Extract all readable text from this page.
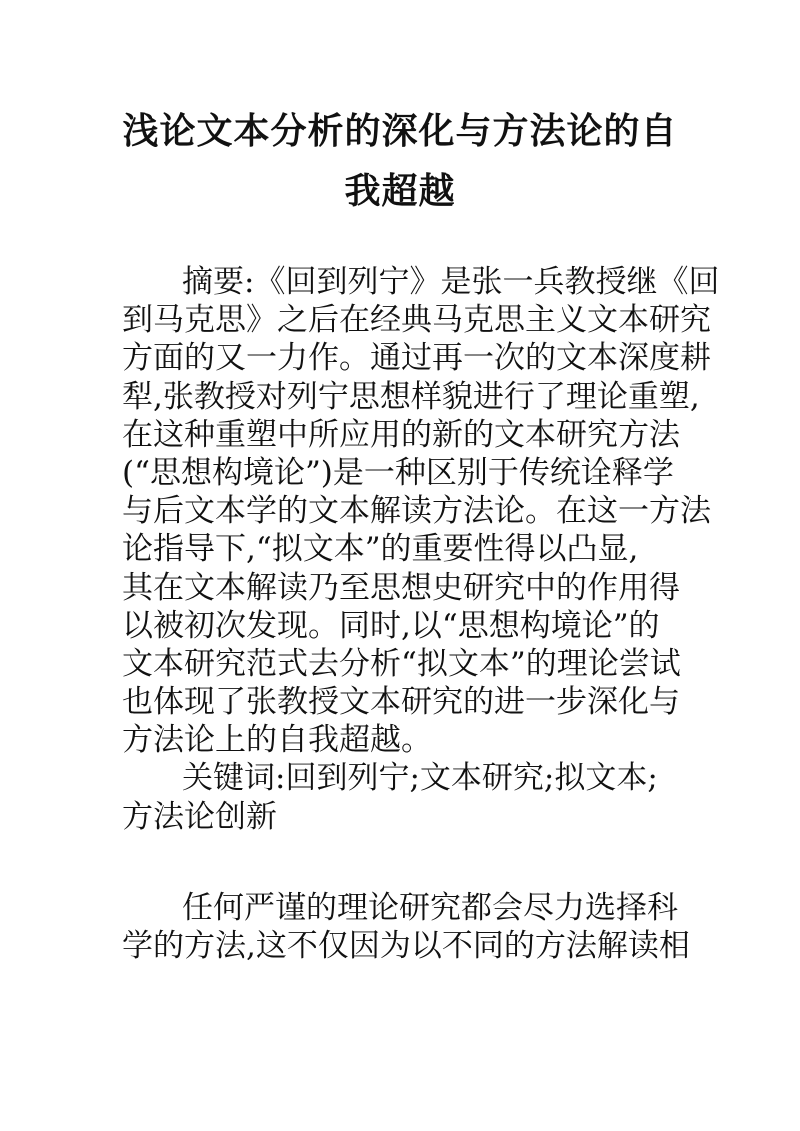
浅论文本分析的深化与方法论的自
我超越
摘要:《回到列宁》是张一兵教授继《回
到马克思》之后在经典马克思主义文本研究
方面的又一力作。通过再一次的文本深度耕
犁,张教授对列宁思想样貌进行了理论重塑,
在这种重塑中所应用的新的文本研究方法
(“思想构境论”)是一种区别于传统诠释学
与后文本学的文本解读方法论。在这一方法
论指导下,“拟文本”的重要性得以凸显,
其在文本解读乃至思想史研究中的作用得
以被初次发现。同时,以“思想构境论”的
文本研究范式去分析“拟文本”的理论尝试
也体现了张教授文本研究的进一步深化与
方法论上的自我超越。
关键词:回到列宁;文本研究;拟文本;
方法论创新
任何严谨的理论研究都会尽力选择科
学的方法,这不仅因为以不同的方法解读相
